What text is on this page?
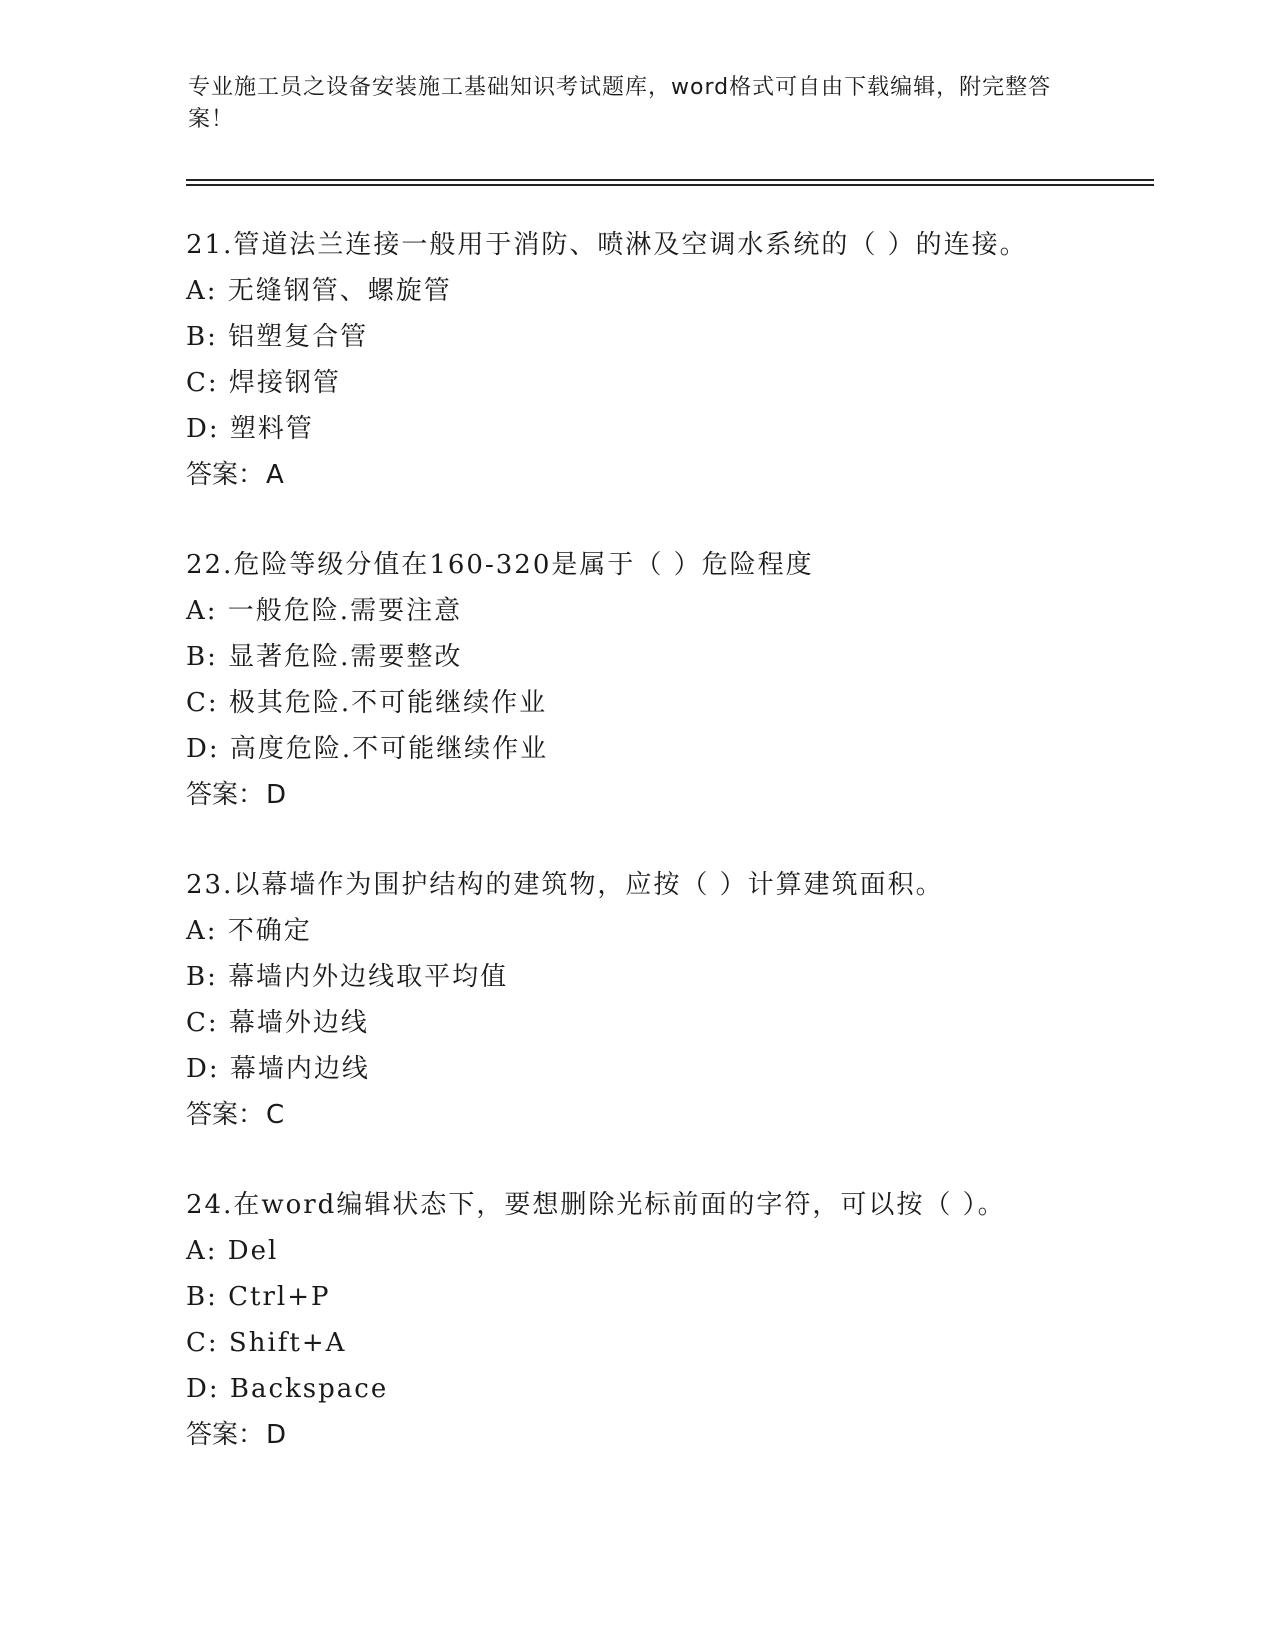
专业施工员之设备安装施工基础知识考试题库，word格式可自由下载编辑，附完整答案！
21.管道法兰连接一般用于消防、喷淋及空调水系统的（ ）的连接。
A: 无缝钢管、螺旋管
B: 铝塑复合管
C: 焊接钢管
D: 塑料管
答案：A
22.危险等级分值在160-320是属于（ ）危险程度
A: 一般危险.需要注意
B: 显著危险.需要整改
C: 极其危险.不可能继续作业
D: 高度危险.不可能继续作业
答案：D
23.以幕墙作为围护结构的建筑物，应按（ ）计算建筑面积。
A: 不确定
B: 幕墙内外边线取平均值
C: 幕墙外边线
D: 幕墙内边线
答案：C
24.在word编辑状态下，要想删除光标前面的字符，可以按（ ）。
A: Del
B: Ctrl+P
C: Shift+A
D: Backspace
答案：D
